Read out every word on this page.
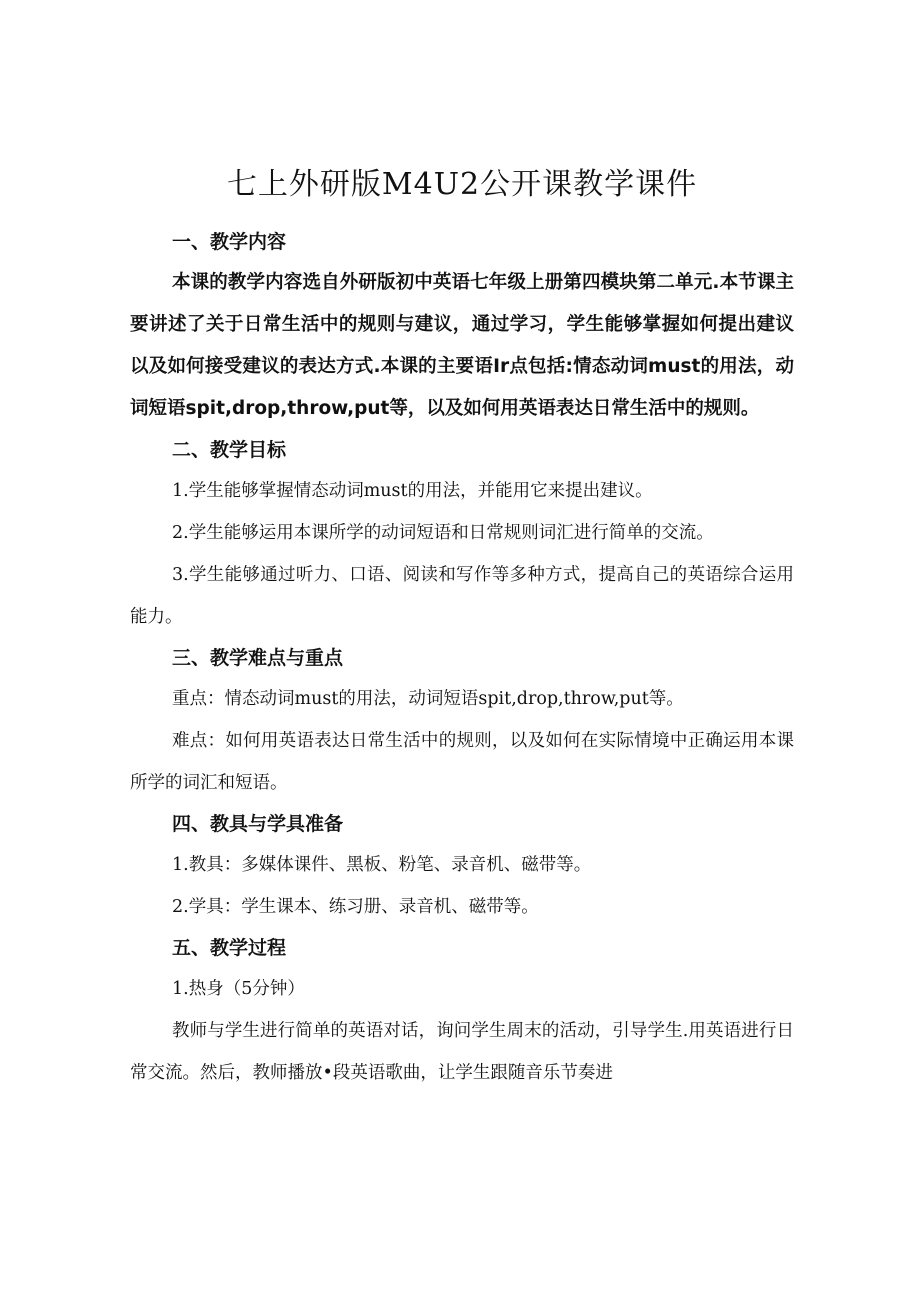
七上外研版M4U2公开课教学课件
一、教学内容

本课的教学内容选自外研版初中英语七年级上册第四模块第二单元.本节课主要讲述了关于日常生活中的规则与建议，通过学习，学生能够掌握如何提出建议以及如何接受建议的表达方式.本课的主要语Ir点包括:情态动词must的用法，动词短语spit,drop,throw,put等，以及如何用英语表达日常生活中的规则。

二、教学目标

1.学生能够掌握情态动词must的用法，并能用它来提出建议。

2.学生能够运用本课所学的动词短语和日常规则词汇进行简单的交流。

3.学生能够通过听力、口语、阅读和写作等多种方式，提高自己的英语综合运用能力。

三、教学难点与重点

重点：情态动词must的用法，动词短语spit,drop,throw,put等。

难点：如何用英语表达日常生活中的规则，以及如何在实际情境中正确运用本课所学的词汇和短语。

四、教具与学具准备

1.教具：多媒体课件、黑板、粉笔、录音机、磁带等。

2.学具：学生课本、练习册、录音机、磁带等。

五、教学过程

1.热身（5分钟）

教师与学生进行简单的英语对话，询问学生周末的活动，引导学生.用英语进行日常交流。然后，教师播放•段英语歌曲，让学生跟随音乐节奏进
